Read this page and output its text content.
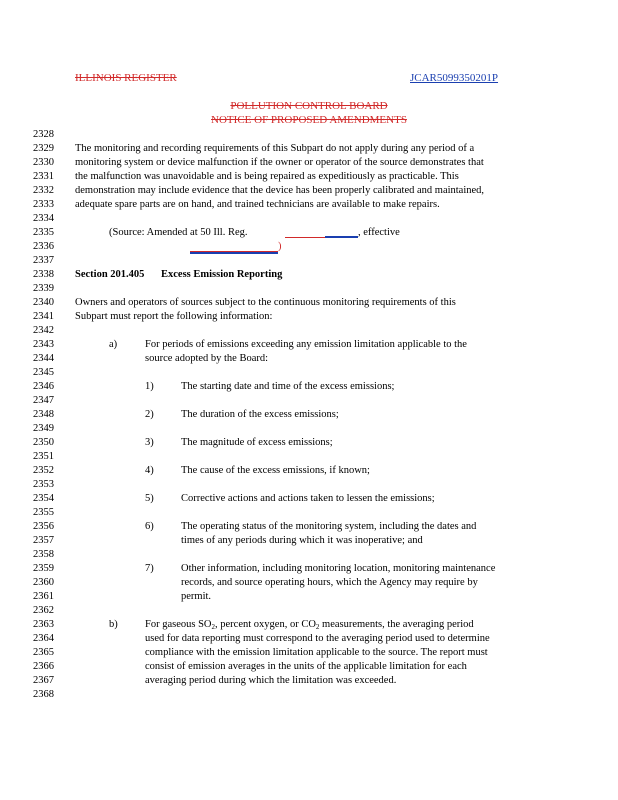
ILLINOIS REGISTER	JCAR5099350201P
POLLUTION CONTROL BOARD
NOTICE OF PROPOSED AMENDMENTS
2328
2329
2330
2331
2332
2333
2334
2335
2336
2337
2338
2339
2340
2341
2342
2343
2344
2345
2346
2347
2348
2349
2350
2351
2352
2353
2354
2355
2356
2357
2358
2359
2360
2361
2362
2363
2364
2365
2366
2367
2368
The monitoring and recording requirements of this Subpart do not apply during any period of a
monitoring system or device malfunction if the owner or operator of the source demonstrates that
the malfunction was unavoidable and is being repaired as expeditiously as practicable. This
demonstration may include evidence that the device has been properly calibrated and maintained,
adequate spare parts are on hand, and trained technicians are available to make repairs.
(Source: Amended at 50 Ill. Reg.	, effective
)
Section 201.405 Excess Emission Reporting
Owners and operators of sources subject to the continuous monitoring requirements of this
Subpart must report the following information:
a)	For periods of emissions exceeding any emission limitation applicable to the
source adopted by the Board:
1)	The starting date and time of the excess emissions;
2)	The duration of the excess emissions;
3)	The magnitude of excess emissions;
4)	The cause of the excess emissions, if known;
5)	Corrective actions and actions taken to lessen the emissions;
6)	The operating status of the monitoring system, including the dates and
times of any periods during which it was inoperative; and
7)	Other information, including monitoring location, monitoring maintenance
records, and source operating hours, which the Agency may require by
permit.
b)	For gaseous $SO_2$, percent oxygen, or $CO_2$ measurements, the averaging period
used for data reporting must correspond to the averaging period used to determine
compliance with the emission limitation applicable to the source. The report must
consist of emission averages in the units of the applicable limitation for each
averaging period during which the limitation was exceeded.
